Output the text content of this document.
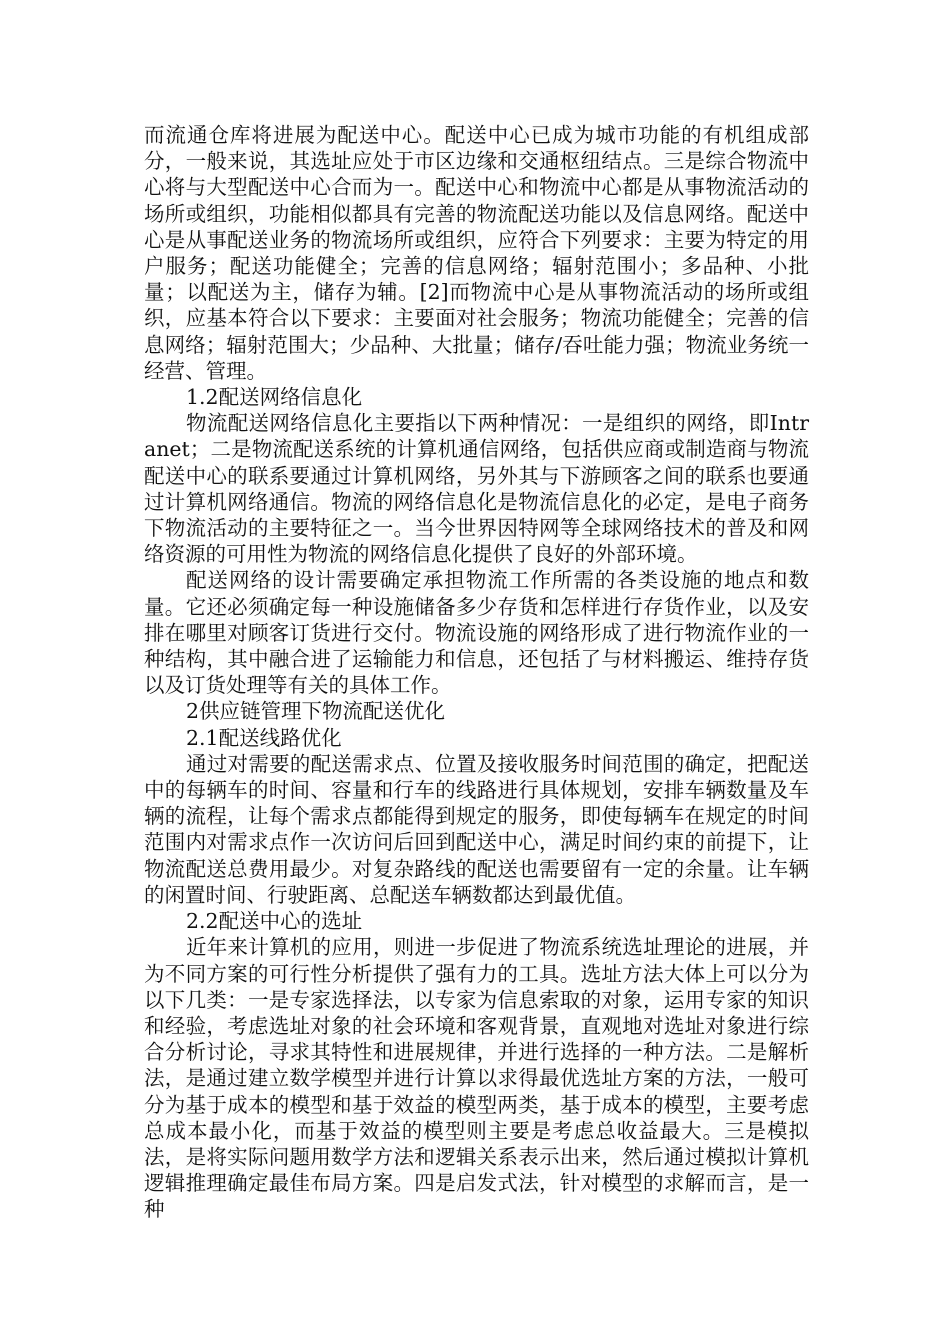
而流通仓库将进展为配送中心。配送中心已成为城市功能的有机组成部分，一般来说，其选址应处于市区边缘和交通枢纽结点。三是综合物流中心将与大型配送中心合而为一。配送中心和物流中心都是从事物流活动的场所或组织，功能相似都具有完善的物流配送功能以及信息网络。配送中心是从事配送业务的物流场所或组织，应符合下列要求：主要为特定的用户服务；配送功能健全；完善的信息网络；辐射范围小；多品种、小批量；以配送为主，储存为辅。[2]而物流中心是从事物流活动的场所或组织，应基本符合以下要求：主要面对社会服务；物流功能健全；完善的信息网络；辐射范围大；少品种、大批量；储存/吞吐能力强；物流业务统一经营、管理。

1.2配送网络信息化

物流配送网络信息化主要指以下两种情况：一是组织的网络，即Intranet；二是物流配送系统的计算机通信网络，包括供应商或制造商与物流配送中心的联系要通过计算机网络，另外其与下游顾客之间的联系也要通过计算机网络通信。物流的网络信息化是物流信息化的必定，是电子商务下物流活动的主要特征之一。当今世界因特网等全球网络技术的普及和网络资源的可用性为物流的网络信息化提供了良好的外部环境。

配送网络的设计需要确定承担物流工作所需的各类设施的地点和数量。它还必须确定每一种设施储备多少存货和怎样进行存货作业，以及安排在哪里对顾客订货进行交付。物流设施的网络形成了进行物流作业的一种结构，其中融合进了运输能力和信息，还包括了与材料搬运、维持存货以及订货处理等有关的具体工作。

2供应链管理下物流配送优化

2.1配送线路优化

通过对需要的配送需求点、位置及接收服务时间范围的确定，把配送中的每辆车的时间、容量和行车的线路进行具体规划，安排车辆数量及车辆的流程，让每个需求点都能得到规定的服务，即使每辆车在规定的时间范围内对需求点作一次访问后回到配送中心，满足时间约束的前提下，让物流配送总费用最少。对复杂路线的配送也需要留有一定的余量。让车辆的闲置时间、行驶距离、总配送车辆数都达到最优值。

2.2配送中心的选址

近年来计算机的应用，则进一步促进了物流系统选址理论的进展，并为不同方案的可行性分析提供了强有力的工具。选址方法大体上可以分为以下几类：一是专家选择法，以专家为信息索取的对象，运用专家的知识和经验，考虑选址对象的社会环境和客观背景，直观地对选址对象进行综合分析讨论，寻求其特性和进展规律，并进行选择的一种方法。二是解析法，是通过建立数学模型并进行计算以求得最优选址方案的方法，一般可分为基于成本的模型和基于效益的模型两类，基于成本的模型，主要考虑总成本最小化，而基于效益的模型则主要是考虑总收益最大。三是模拟法，是将实际问题用数学方法和逻辑关系表示出来，然后通过模拟计算机逻辑推理确定最佳布局方案。四是启发式法，针对模型的求解而言，是一种
